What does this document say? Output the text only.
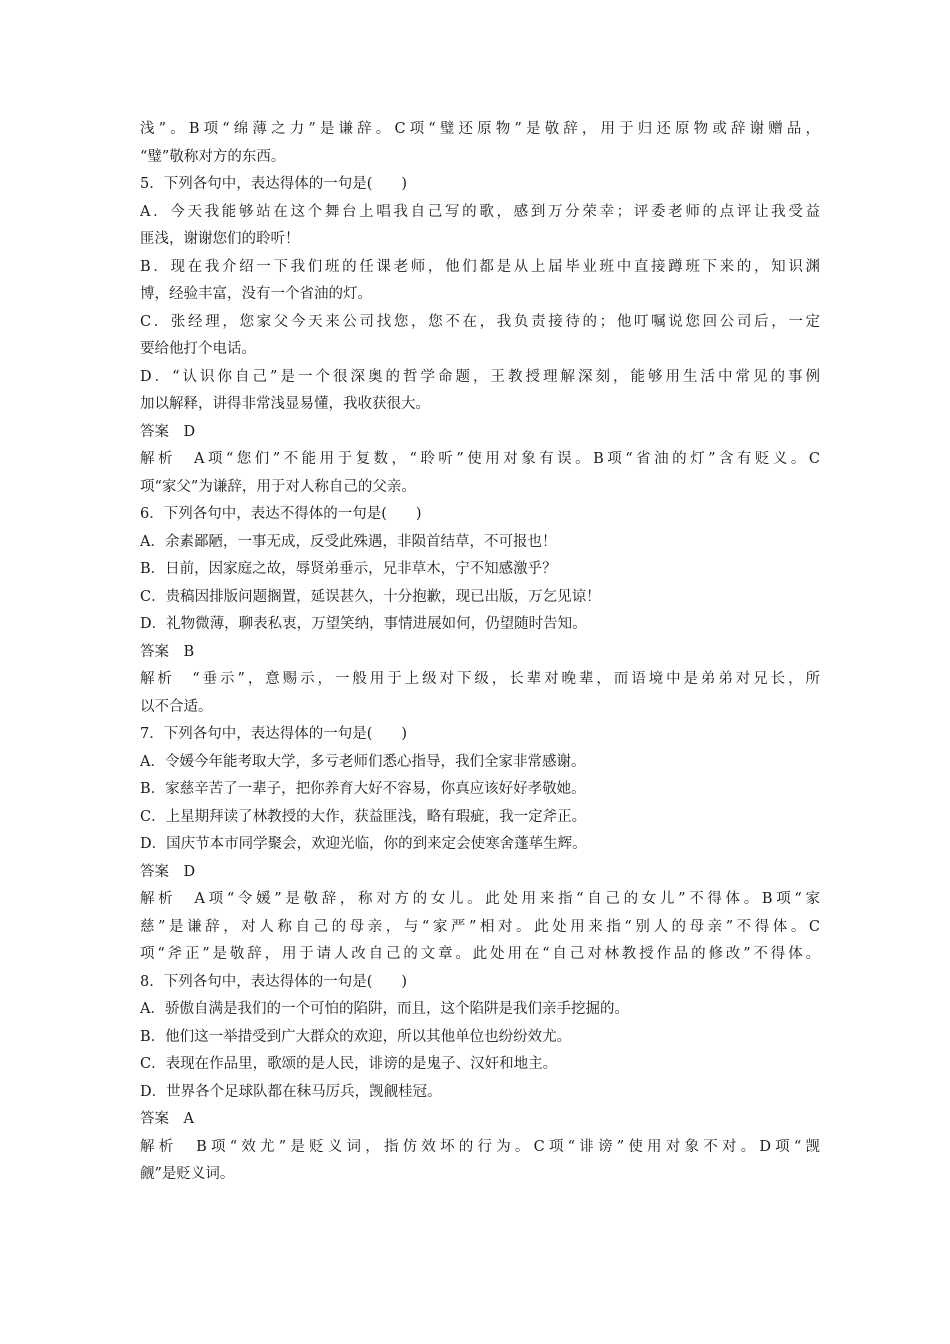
浅”。B项“绵薄之力”是谦辞。C项“璧还原物”是敬辞，用于归还原物或辞谢赠品，
“璧”敬称对方的东西。
5．下列各句中，表达得体的一句是(　　)
A．今天我能够站在这个舞台上唱我自己写的歌，感到万分荣幸；评委老师的点评让我受益
匪浅，谢谢您们的聆听！
B．现在我介绍一下我们班的任课老师，他们都是从上届毕业班中直接蹲班下来的，知识渊
博，经验丰富，没有一个省油的灯。
C．张经理，您家父今天来公司找您，您不在，我负责接待的；他叮嘱说您回公司后，一定
要给他打个电话。
D．“认识你自己”是一个很深奥的哲学命题，王教授理解深刻，能够用生活中常见的事例
加以解释，讲得非常浅显易懂，我收获很大。
答案　D
解析　A项“您们”不能用于复数，“聆听”使用对象有误。B项“省油的灯”含有贬义。C
项“家父”为谦辞，用于对人称自己的父亲。
6．下列各句中，表达不得体的一句是(　　)
A．余素鄙陋，一事无成，反受此殊遇，非陨首结草，不可报也！
B．日前，因家庭之故，辱贤弟垂示，兄非草木，宁不知感激乎？
C．贵稿因排版问题搁置，延误甚久，十分抱歉，现已出版，万乞见谅！
D．礼物微薄，聊表私衷，万望笑纳，事情进展如何，仍望随时告知。
答案　B
解析　“垂示”，意赐示，一般用于上级对下级，长辈对晚辈，而语境中是弟弟对兄长，所
以不合适。
7．下列各句中，表达得体的一句是(　　)
A．令媛今年能考取大学，多亏老师们悉心指导，我们全家非常感谢。
B．家慈辛苦了一辈子，把你养育大好不容易，你真应该好好孝敬她。
C．上星期拜读了林教授的大作，获益匪浅，略有瑕疵，我一定斧正。
D．国庆节本市同学聚会，欢迎光临，你的到来定会使寒舍蓬荜生辉。
答案　D
解析　A项“令媛”是敬辞，称对方的女儿。此处用来指“自己的女儿”不得体。B项“家
慈”是谦辞，对人称自己的母亲，与“家严”相对。此处用来指“别人的母亲”不得体。C
项“斧正”是敬辞，用于请人改自己的文章。此处用在“自己对林教授作品的修改”不得体。
8．下列各句中，表达得体的一句是(　　)
A．骄傲自满是我们的一个可怕的陷阱，而且，这个陷阱是我们亲手挖掘的。
B．他们这一举措受到广大群众的欢迎，所以其他单位也纷纷效尤。
C．表现在作品里，歌颂的是人民，诽谤的是鬼子、汉奸和地主。
D．世界各个足球队都在秣马厉兵，觊觎桂冠。
答案　A
解析　B项“效尤”是贬义词，指仿效坏的行为。C项“诽谤”使用对象不对。D项“觊
觎”是贬义词。
